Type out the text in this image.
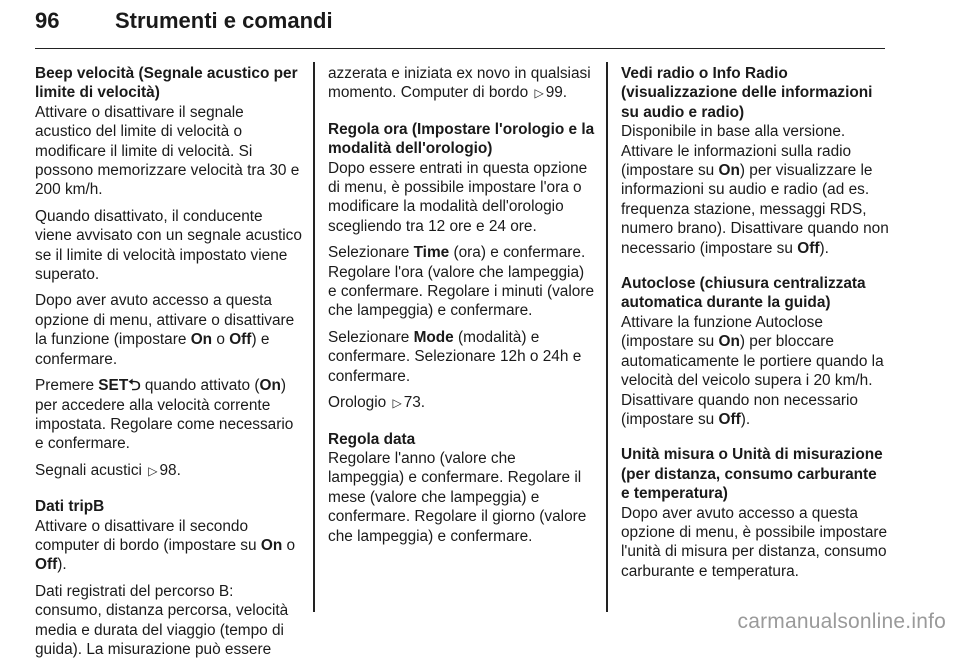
96	Strumenti e comandi
Beep velocità (Segnale acustico per limite di velocità)

Attivare o disattivare il segnale acustico del limite di velocità o modificare il limite di velocità. Si possono memorizzare velocità tra 30 e 200 km/h.

Quando disattivato, il conducente viene avvisato con un segnale acustico se il limite di velocità impostato viene superato.

Dopo aver avuto accesso a questa opzione di menu, attivare o disattivare la funzione (impostare On o Off) e confermare.

Premere SET⮌ quando attivato (On) per accedere alla velocità corrente impostata. Regolare come necessario e confermare.

Segnali acustici ▷ 98.

Dati tripB

Attivare o disattivare il secondo computer di bordo (impostare su On o Off).

Dati registrati del percorso B: consumo, distanza percorsa, velocità media e durata del viaggio (tempo di guida). La misurazione può essere

azzerata e iniziata ex novo in qualsiasi momento. Computer di bordo ▷ 99.

Regola ora (Impostare l'orologio e la modalità dell'orologio)

Dopo essere entrati in questa opzione di menu, è possibile impostare l'ora o modificare la modalità dell'orologio scegliendo tra 12 ore e 24 ore.

Selezionare Time (ora) e confermare. Regolare l'ora (valore che lampeggia) e confermare. Regolare i minuti (valore che lampeggia) e confermare.

Selezionare Mode (modalità) e confermare. Selezionare 12h o 24h e confermare.

Orologio ▷ 73.

Regola data

Regolare l'anno (valore che lampeggia) e confermare. Regolare il mese (valore che lampeggia) e confermare. Regolare il giorno (valore che lampeggia) e confermare.

Vedi radio o Info Radio (visualizzazione delle informazioni su audio e radio)

Disponibile in base alla versione. Attivare le informazioni sulla radio (impostare su On) per visualizzare le informazioni su audio e radio (ad es. frequenza stazione, messaggi RDS, numero brano). Disattivare quando non necessario (impostare su Off).

Autoclose (chiusura centralizzata automatica durante la guida)

Attivare la funzione Autoclose (impostare su On) per bloccare automaticamente le portiere quando la velocità del veicolo supera i 20 km/h. Disattivare quando non necessario (impostare su Off).

Unità misura o Unità di misurazione (per distanza, consumo carburante e temperatura)

Dopo aver avuto accesso a questa opzione di menu, è possibile impostare l'unità di misura per distanza, consumo carburante e temperatura.

carmanualsonline.info
